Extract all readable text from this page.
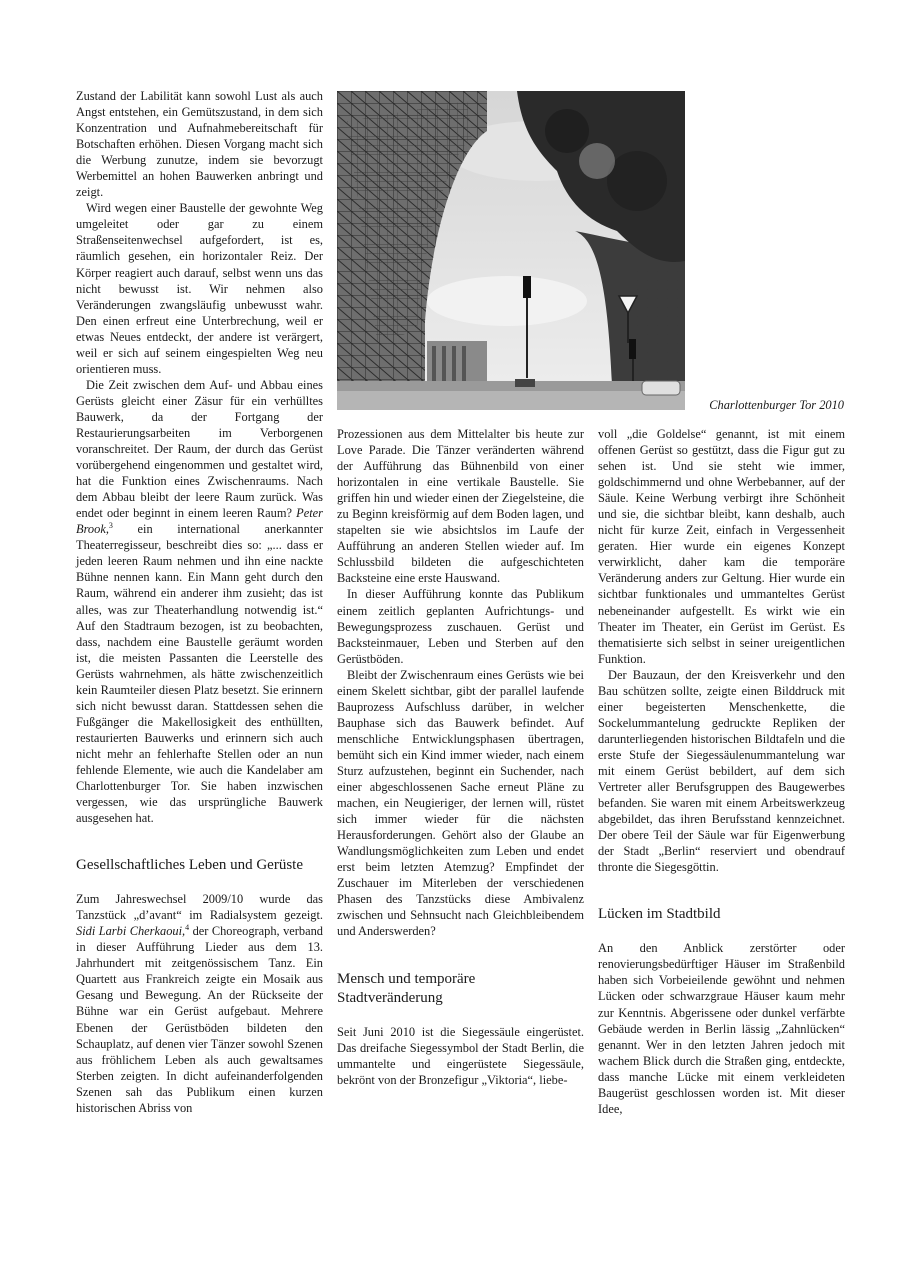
Zustand der Labilität kann sowohl Lust als auch Angst entstehen, ein Gemütszustand, in dem sich Konzentration und Aufnahmebereitschaft für Botschaften erhöhen. Diesen Vorgang macht sich die Werbung zunutze, indem sie bevorzugt Werbemittel an hohen Bauwerken anbringt und zeigt.

Wird wegen einer Baustelle der gewohnte Weg umgeleitet oder gar zu einem Straßenseitenwechsel aufgefordert, ist es, räumlich gesehen, ein horizontaler Reiz. Der Körper reagiert auch darauf, selbst wenn uns das nicht bewusst ist. Wir nehmen also Veränderungen zwangsläufig unbewusst wahr. Den einen erfreut eine Unterbrechung, weil er etwas Neues entdeckt, der andere ist verärgert, weil er sich auf seinem eingespielten Weg neu orientieren muss.

Die Zeit zwischen dem Auf- und Abbau eines Gerüsts gleicht einer Zäsur für ein verhülltes Bauwerk, da der Fortgang der Restaurierungsarbeiten im Verborgenen voranschreitet. Der Raum, der durch das Gerüst vorübergehend eingenommen und gestaltet wird, hat die Funktion eines Zwischenraums. Nach dem Abbau bleibt der leere Raum zurück. Was endet oder beginnt in einem leeren Raum? Peter Brook,$^3$ ein international anerkannter Theaterregisseur, beschreibt dies so: „... dass er jeden leeren Raum nehmen und ihn eine nackte Bühne nennen kann. Ein Mann geht durch den Raum, während ein anderer ihm zusieht; das ist alles, was zur Theaterhandlung notwendig ist.“ Auf den Stadtraum bezogen, ist zu beobachten, dass, nachdem eine Baustelle geräumt worden ist, die meisten Passanten die Leerstelle des Gerüsts wahrnehmen, als hätte zwischenzeitlich kein Raumteiler diesen Platz besetzt. Sie erinnern sich nicht bewusst daran. Stattdessen sehen die Fußgänger die Makellosigkeit des enthüllten, restaurierten Bauwerks und erinnern sich auch nicht mehr an fehlerhafte Stellen oder an nun fehlende Elemente, wie auch die Kandelaber am Charlottenburger Tor. Sie haben inzwischen vergessen, wie das ursprüngliche Bauwerk ausgesehen hat.

Gesellschaftliches Leben und Gerüste

Zum Jahreswechsel 2009/10 wurde das Tanzstück „d’avant“ im Radialsystem gezeigt. Sidi Larbi Cherkaoui,$^4$ der Choreograph, verband in dieser Aufführung Lieder aus dem 13. Jahrhundert mit zeitgenössischem Tanz. Ein Quartett aus Frankreich zeigte ein Mosaik aus Gesang und Bewegung. An der Rückseite der Bühne war ein Gerüst aufgebaut. Mehrere Ebenen der Gerüstböden bildeten den Schauplatz, auf denen vier Tänzer sowohl Szenen aus fröhlichem Leben als auch gewaltsames Sterben zeigten. In dicht aufeinanderfolgenden Szenen sah das Publikum einen kurzen historischen Abriss von

Charlottenburger Tor 2010

Prozessionen aus dem Mittelalter bis heute zur Love Parade. Die Tänzer veränderten während der Aufführung das Bühnenbild von einer horizontalen in eine vertikale Baustelle. Sie griffen hin und wieder einen der Ziegelsteine, die zu Beginn kreisförmig auf dem Boden lagen, und stapelten sie wie absichtslos im Laufe der Aufführung an anderen Stellen wieder auf. Im Schlussbild bildeten die aufgeschichteten Backsteine eine erste Hauswand.

In dieser Aufführung konnte das Publikum einem zeitlich geplanten Aufrichtungs- und Bewegungsprozess zuschauen. Gerüst und Backsteinmauer, Leben und Sterben auf den Gerüstböden.

Bleibt der Zwischenraum eines Gerüsts wie bei einem Skelett sichtbar, gibt der parallel laufende Bauprozess Aufschluss darüber, in welcher Bauphase sich das Bauwerk befindet. Auf menschliche Entwicklungsphasen übertragen, bemüht sich ein Kind immer wieder, nach einem Sturz aufzustehen, beginnt ein Suchender, nach einer abgeschlossenen Sache erneut Pläne zu machen, ein Neugieriger, der lernen will, rüstet sich immer wieder für die nächsten Herausforderungen. Gehört also der Glaube an Wandlungsmöglichkeiten zum Leben und endet erst beim letzten Atemzug? Empfindet der Zuschauer im Miterleben der verschiedenen Phasen des Tanzstücks diese Ambivalenz zwischen und Sehnsucht nach Gleichbleibendem und Anderswerden?

Mensch und temporäre
Stadtveränderung

Seit Juni 2010 ist die Siegessäule eingerüstet. Das dreifache Siegessymbol der Stadt Berlin, die ummantelte und eingerüstete Siegessäule, bekrönt von der Bronzefigur „Viktoria“, liebe-

voll „die Goldelse“ genannt, ist mit einem offenen Gerüst so gestützt, dass die Figur gut zu sehen ist. Und sie steht wie immer, goldschimmernd und ohne Werbebanner, auf der Säule. Keine Werbung verbirgt ihre Schönheit und sie, die sichtbar bleibt, kann deshalb, auch nicht für kurze Zeit, einfach in Vergessenheit geraten. Hier wurde ein eigenes Konzept verwirklicht, daher kam die temporäre Veränderung anders zur Geltung. Hier wurde ein sichtbar funktionales und ummanteltes Gerüst nebeneinander aufgestellt. Es wirkt wie ein Theater im Theater, ein Gerüst im Gerüst. Es thematisierte sich selbst in seiner ureigentlichen Funktion.

Der Bauzaun, der den Kreisverkehr und den Bau schützen sollte, zeigte einen Bilddruck mit einer begeisterten Menschenkette, die Sockelummantelung gedruckte Repliken der darunterliegenden historischen Bildtafeln und die erste Stufe der Siegessäulenummantelung war mit einem Gerüst bebildert, auf dem sich Vertreter aller Berufsgruppen des Baugewerbes befanden. Sie waren mit einem Arbeitswerkzeug abgebildet, das ihren Berufsstand kennzeichnet. Der obere Teil der Säule war für Eigenwerbung der Stadt „Berlin“ reserviert und obendrauf thronte die Siegesgöttin.

Lücken im Stadtbild

An den Anblick zerstörter oder renovierungsbedürftiger Häuser im Straßenbild haben sich Vorbeieilende gewöhnt und nehmen Lücken oder schwarzgraue Häuser kaum mehr zur Kenntnis. Abgerissene oder dunkel verfärbte Gebäude werden in Berlin lässig „Zahnlücken“ genannt. Wer in den letzten Jahren jedoch mit wachem Blick durch die Straßen ging, entdeckte, dass manche Lücke mit einem verkleideten Baugerüst geschlossen worden ist. Mit dieser Idee,
